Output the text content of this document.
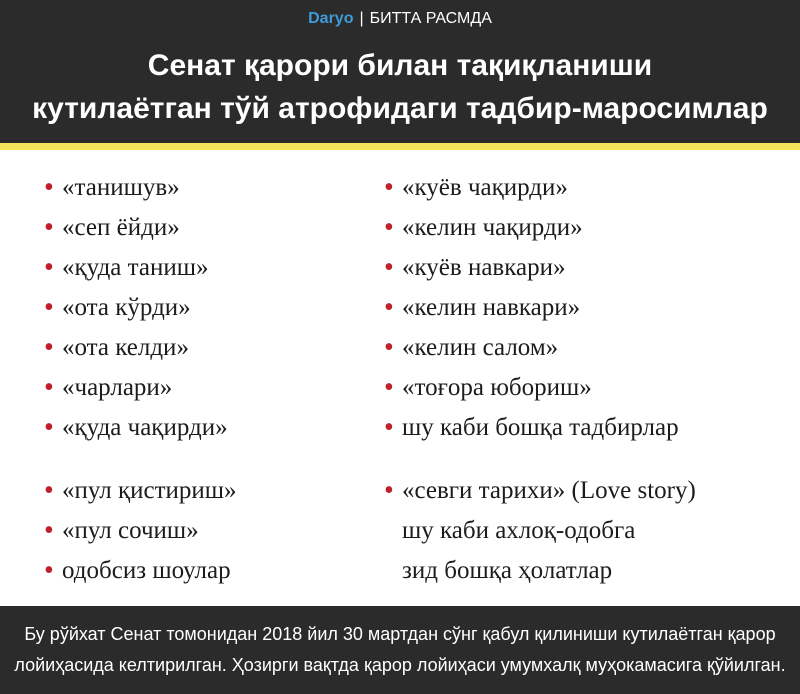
Daryo | БИТТА РАСМДА
Сенат қарори билан тақиқланиши
кутилаётган тўй атрофидаги тадбир-маросимлар
• «танишув»
• «сеп ёйди»
• «қуда таниш»
• «ота кўрди»
• «ота келди»
• «чарлари»
• «қуда чақирди»
• «куёв чақирди»
• «келин чақирди»
• «куёв навкари»
• «келин навкари»
• «келин салом»
• «тоғора юбориш»
• шу каби бошқа тадбирлар
• «пул қистириш»
• «пул сочиш»
• одобсиз шоулар
• «севги тарихи» (Love story)
шу каби ахлоқ-одобга
зид бошқа ҳолатлар
Бу рўйхат Сенат томонидан 2018 йил 30 мартдан сўнг қабул қилиниши кутилаётган қарор
лойиҳасида келтирилган. Ҳозирги вақтда қарор лойиҳаси умумхалқ муҳокамасига қўйилган.
